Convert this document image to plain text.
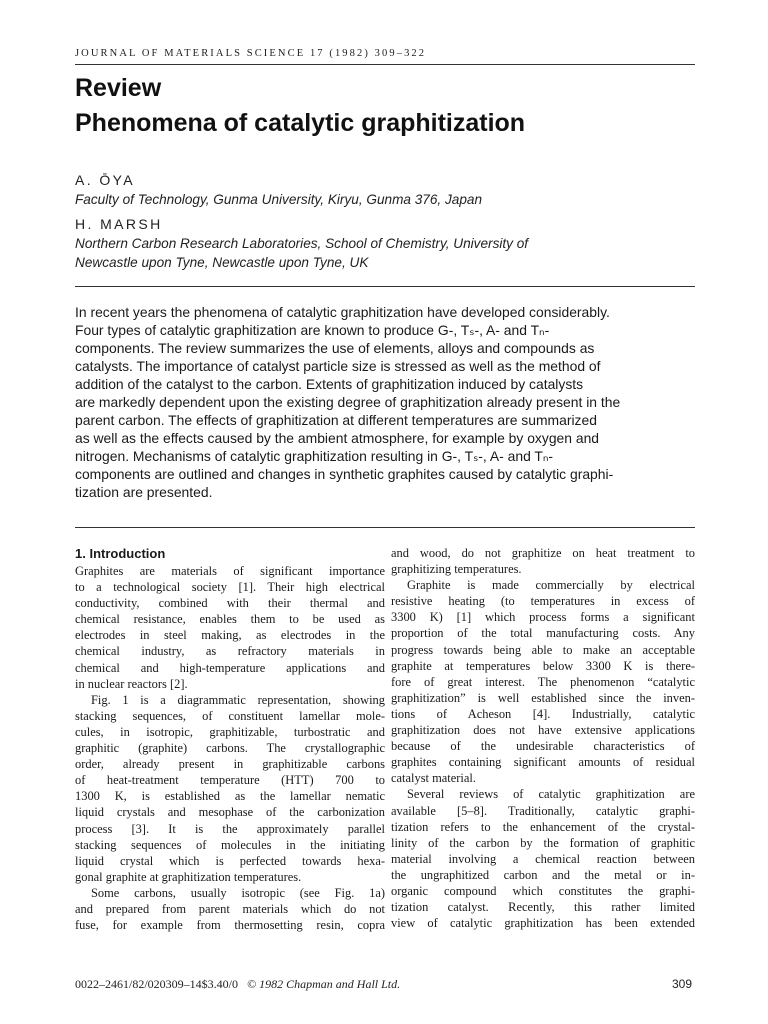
JOURNAL OF MATERIALS SCIENCE 17 (1982) 309–322
Review
Phenomena of catalytic graphitization
A. ŌYA
Faculty of Technology, Gunma University, Kiryu, Gunma 376, Japan
H. MARSH
Northern Carbon Research Laboratories, School of Chemistry, University of
Newcastle upon Tyne, Newcastle upon Tyne, UK
In recent years the phenomena of catalytic graphitization have developed considerably.
Four types of catalytic graphitization are known to produce G-, Tₛ-, A- and Tₙ-
components. The review summarizes the use of elements, alloys and compounds as
catalysts. The importance of catalyst particle size is stressed as well as the method of
addition of the catalyst to the carbon. Extents of graphitization induced by catalysts
are markedly dependent upon the existing degree of graphitization already present in the
parent carbon. The effects of graphitization at different temperatures are summarized
as well as the effects caused by the ambient atmosphere, for example by oxygen and
nitrogen. Mechanisms of catalytic graphitization resulting in G-, Tₛ-, A- and Tₙ-
components are outlined and changes in synthetic graphites caused by catalytic graphi-
tization are presented.
1. Introduction
Graphites are materials of significant importance
to a technological society [1]. Their high electrical
conductivity, combined with their thermal and
chemical resistance, enables them to be used as
electrodes in steel making, as electrodes in the
chemical industry, as refractory materials in
chemical and high-temperature applications and
in nuclear reactors [2].
Fig. 1 is a diagrammatic representation, showing
stacking sequences, of constituent lamellar mole-
cules, in isotropic, graphitizable, turbostratic and
graphitic (graphite) carbons. The crystallographic
order, already present in graphitizable carbons
of heat-treatment temperature (HTT) 700 to
1300 K, is established as the lamellar nematic
liquid crystals and mesophase of the carbonization
process [3]. It is the approximately parallel
stacking sequences of molecules in the initiating
liquid crystal which is perfected towards hexa-
gonal graphite at graphitization temperatures.
Some carbons, usually isotropic (see Fig. 1a)
and prepared from parent materials which do not
fuse, for example from thermosetting resin, copra
and wood, do not graphitize on heat treatment to
graphitizing temperatures.
Graphite is made commercially by electrical
resistive heating (to temperatures in excess of
3300 K) [1] which process forms a significant
proportion of the total manufacturing costs. Any
progress towards being able to make an acceptable
graphite at temperatures below 3300 K is there-
fore of great interest. The phenomenon “catalytic
graphitization” is well established since the inven-
tions of Acheson [4]. Industrially, catalytic
graphitization does not have extensive applications
because of the undesirable characteristics of
graphites containing significant amounts of residual
catalyst material.
Several reviews of catalytic graphitization are
available [5–8]. Traditionally, catalytic graphi-
tization refers to the enhancement of the crystal-
linity of the carbon by the formation of graphitic
material involving a chemical reaction between
the ungraphitized carbon and the metal or in-
organic compound which constitutes the graphi-
tization catalyst. Recently, this rather limited
view of catalytic graphitization has been extended
0022–2461/82/020309–14$3.40/0 © 1982 Chapman and Hall Ltd.	309
